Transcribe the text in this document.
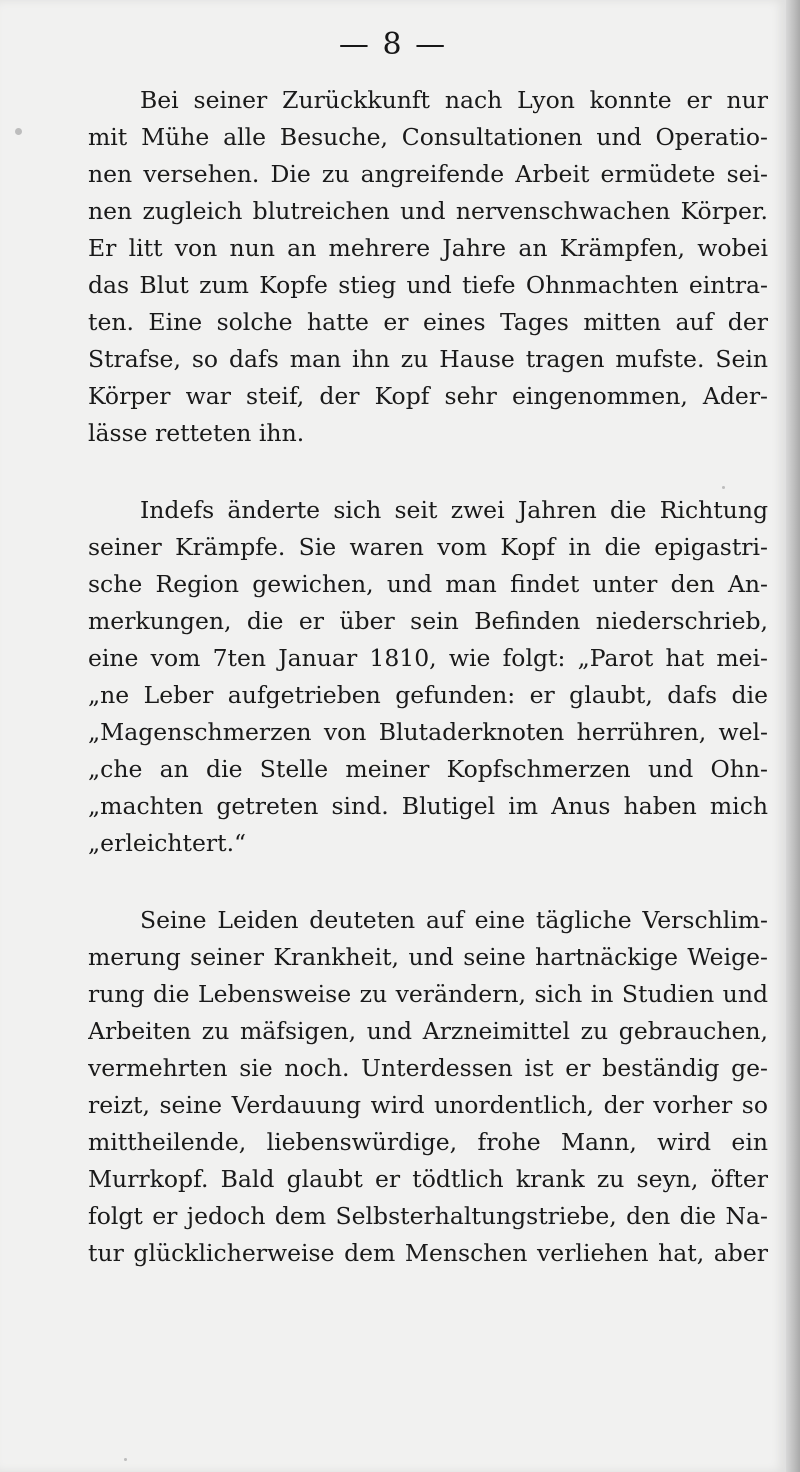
— 8 —
Bei seiner Zurückkunft nach Lyon konnte er nur
mit Mühe alle Besuche, Consultationen und Operatio-
nen versehen. Die zu angreifende Arbeit ermüdete sei-
nen zugleich blutreichen und nervenschwachen Körper.
Er litt von nun an mehrere Jahre an Krämpfen, wobei
das Blut zum Kopfe stieg und tiefe Ohnmachten eintra-
ten. Eine solche hatte er eines Tages mitten auf der
Strafse, so dafs man ihn zu Hause tragen mufste. Sein
Körper war steif, der Kopf sehr eingenommen, Ader-
lässe retteten ihn.
Indefs änderte sich seit zwei Jahren die Richtung
seiner Krämpfe. Sie waren vom Kopf in die epigastri-
sche Region gewichen, und man findet unter den An-
merkungen, die er über sein Befinden niederschrieb,
eine vom 7ten Januar 1810, wie folgt: „Parot hat mei-
„ne Leber aufgetrieben gefunden: er glaubt, dafs die
„Magenschmerzen von Blutaderknoten herrühren, wel-
„che an die Stelle meiner Kopfschmerzen und Ohn-
„machten getreten sind. Blutigel im Anus haben mich
„erleichtert.“
Seine Leiden deuteten auf eine tägliche Verschlim-
merung seiner Krankheit, und seine hartnäckige Weige-
rung die Lebensweise zu verändern, sich in Studien und
Arbeiten zu mäfsigen, und Arzneimittel zu gebrauchen,
vermehrten sie noch. Unterdessen ist er beständig ge-
reizt, seine Verdauung wird unordentlich, der vorher so
mittheilende, liebenswürdige, frohe Mann, wird ein
Murrkopf. Bald glaubt er tödtlich krank zu seyn, öfter
folgt er jedoch dem Selbsterhaltungstriebe, den die Na-
tur glücklicherweise dem Menschen verliehen hat, aber
